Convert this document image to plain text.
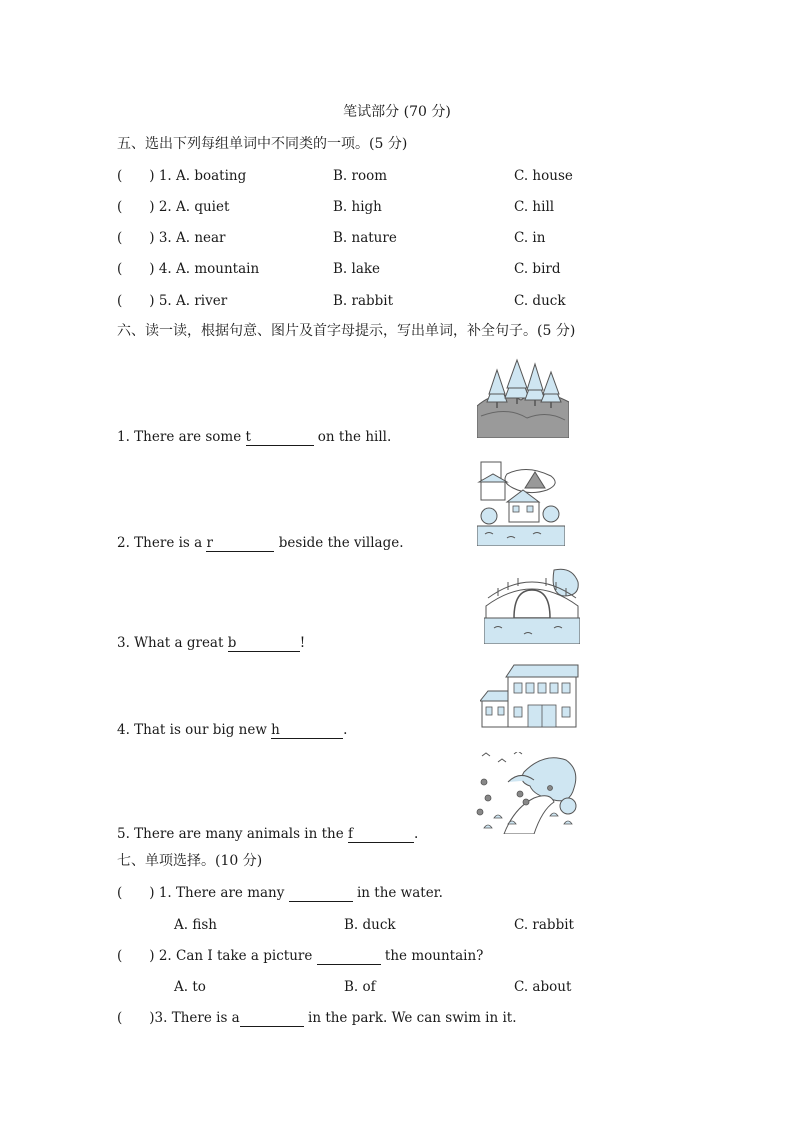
笔试部分 (70 分)
五、选出下列每组单词中不同类的一项。(5 分)
(　　) 1. A. boating	B. room	C. house
(　　) 2. A. quiet	B. high	C. hill
(　　) 3. A. near	B. nature	C. in
(　　) 4. A. mountain	B. lake	C. bird
(　　) 5. A. river	B. rabbit	C. duck
六、读一读，根据句意、图片及首字母提示，写出单词，补全句子。(5 分)
1. There are some t	on the hill.
2. There is a r	beside the village.
3. What a great b	!
4. That is our big new h	.
5. There are many animals in the f	.
七、单项选择。(10 分)
(　　) 1. There are many	in the water.
A. fish	B. duck	C. rabbit
(　　) 2. Can I take a picture	the mountain?
A. to	B. of	C. about
(　　)3. There is a	in the park. We can swim in it.
